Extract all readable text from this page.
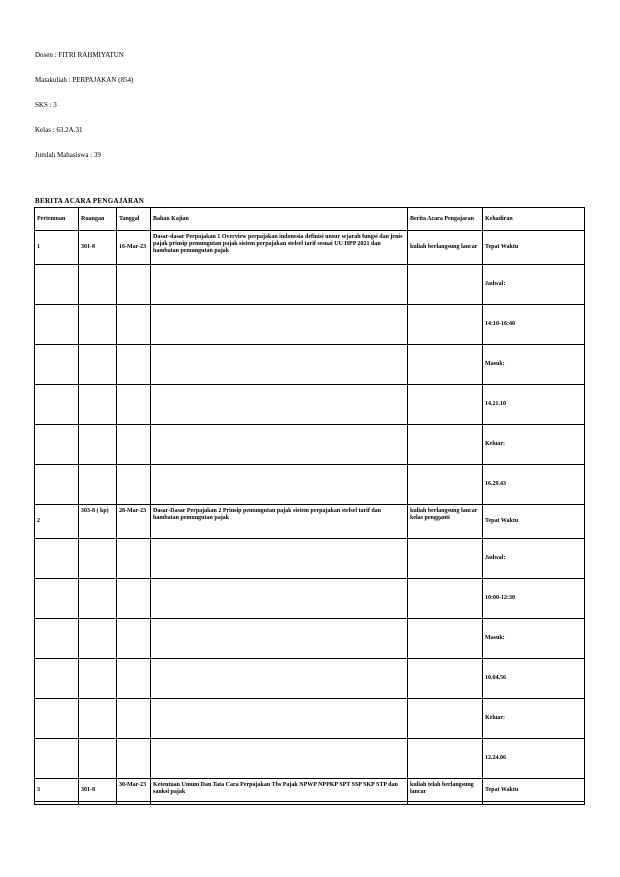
Dosen : FITRI RAHMIYATUN
Matakuliah : PERPAJAKAN (854)
SKS : 3
Kelas : 63.2A.31
Jumlah Mahasiswa : 39
BERITA ACARA PENGAJARAN
Pertemuan	Ruangan	Tanggal	Bahan Kajian	Berita Acara Pengajaran	Kehadiran
1	301-8	16-Mar-23	Dasar-dasar Perpajakan 1 Overview perpajakan indonesia definisi unsur sejarah fungsi dan jenis pajak prinsip pemungutan pajak sistem perpajakan stelsel tarif sesuai UU HPP 2021 dan hambatan pemungutan pajak	kuliah berlangsung lancar	Tepat Waktu
					Jadwal:
					14:10-16:40
					Masuk:
					14.21.10
					Keluar:
					16.29.43
2	303-8 ( kp)	28-Mar-23	Dasar-Dasar Perpajakan 2 Prinsip pemungutan pajak sistem perpajakan stelsel tarif dan hambatan pemungutan pajak	kuliah berlangsung lancar kelas pengganti	Tepat Waktu
					Jadwal:
					10:00-12:30
					Masuk:
					10.04.56
					Keluar:
					12.24.06
3	301-8	30-Mar-23	Ketentuan Umum Dan Tata Cara Perpajakan Tbs Pajak NPWP NPPKP SPT SSP SKP STP dan sanksi pajak	kuliah telah berlangsung lancar	Tepat Waktu
